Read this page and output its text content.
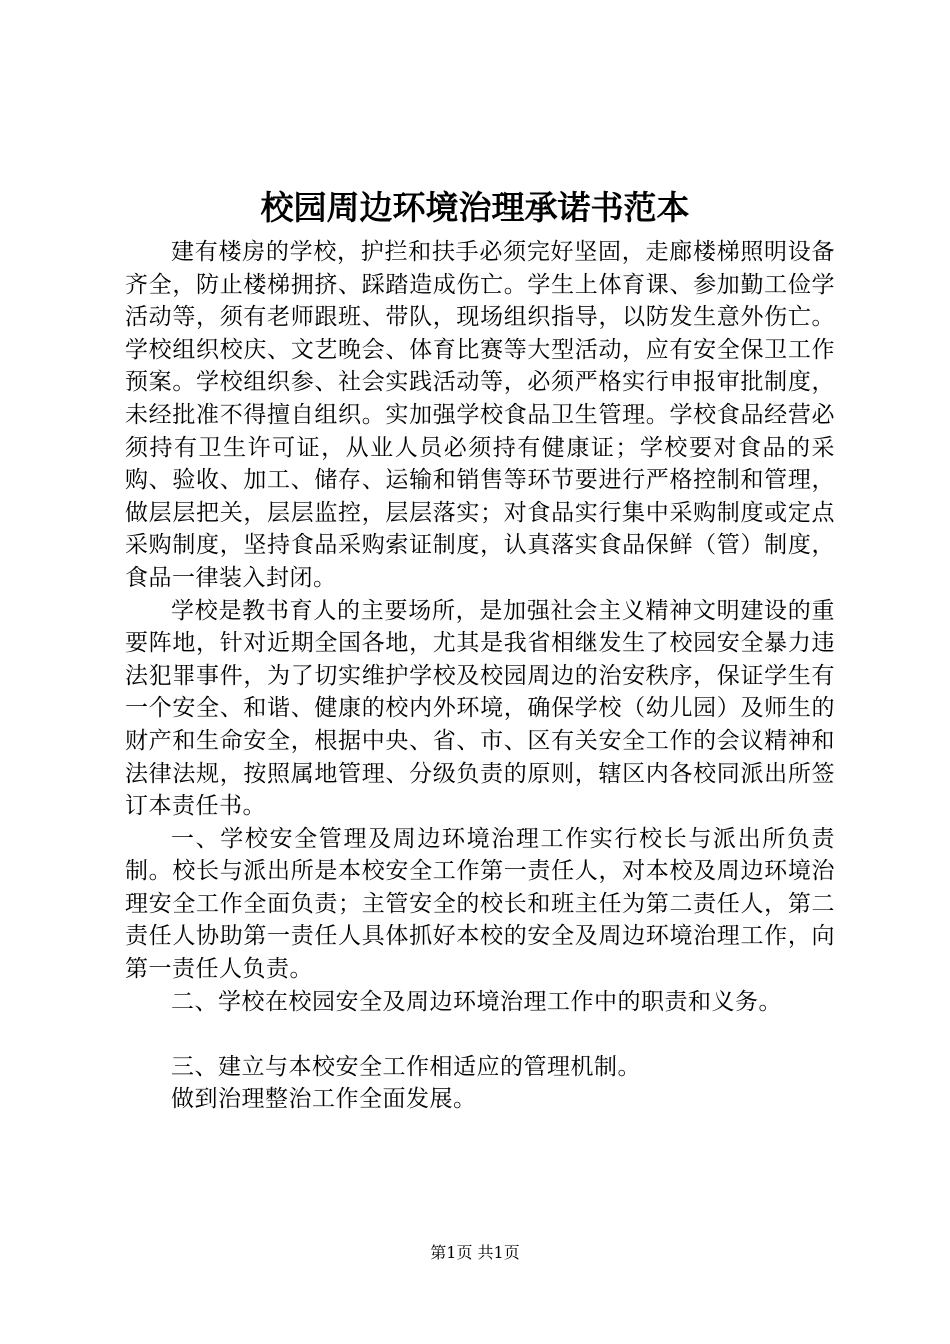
校园周边环境治理承诺书范本

建有楼房的学校，护拦和扶手必须完好坚固，走廊楼梯照明设备齐全，防止楼梯拥挤、踩踏造成伤亡。学生上体育课、参加勤工俭学活动等，须有老师跟班、带队，现场组织指导，以防发生意外伤亡。学校组织校庆、文艺晚会、体育比赛等大型活动，应有安全保卫工作预案。学校组织参、社会实践活动等，必须严格实行申报审批制度，未经批准不得擅自组织。实加强学校食品卫生管理。学校食品经营必须持有卫生许可证，从业人员必须持有健康证；学校要对食品的采购、验收、加工、储存、运输和销售等环节要进行严格控制和管理，做层层把关，层层监控，层层落实；对食品实行集中采购制度或定点采购制度，坚持食品采购索证制度，认真落实食品保鲜（管）制度，食品一律装入封闭。

学校是教书育人的主要场所，是加强社会主义精神文明建设的重要阵地，针对近期全国各地，尤其是我省相继发生了校园安全暴力违法犯罪事件，为了切实维护学校及校园周边的治安秩序，保证学生有一个安全、和谐、健康的校内外环境，确保学校（幼儿园）及师生的财产和生命安全，根据中央、省、市、区有关安全工作的会议精神和法律法规，按照属地管理、分级负责的原则，辖区内各校同派出所签订本责任书。

一、学校安全管理及周边环境治理工作实行校长与派出所负责制。校长与派出所是本校安全工作第一责任人，对本校及周边环境治理安全工作全面负责；主管安全的校长和班主任为第二责任人，第二责任人协助第一责任人具体抓好本校的安全及周边环境治理工作，向第一责任人负责。

二、学校在校园安全及周边环境治理工作中的职责和义务。

三、建立与本校安全工作相适应的管理机制。

做到治理整治工作全面发展。

第1页 共1页
